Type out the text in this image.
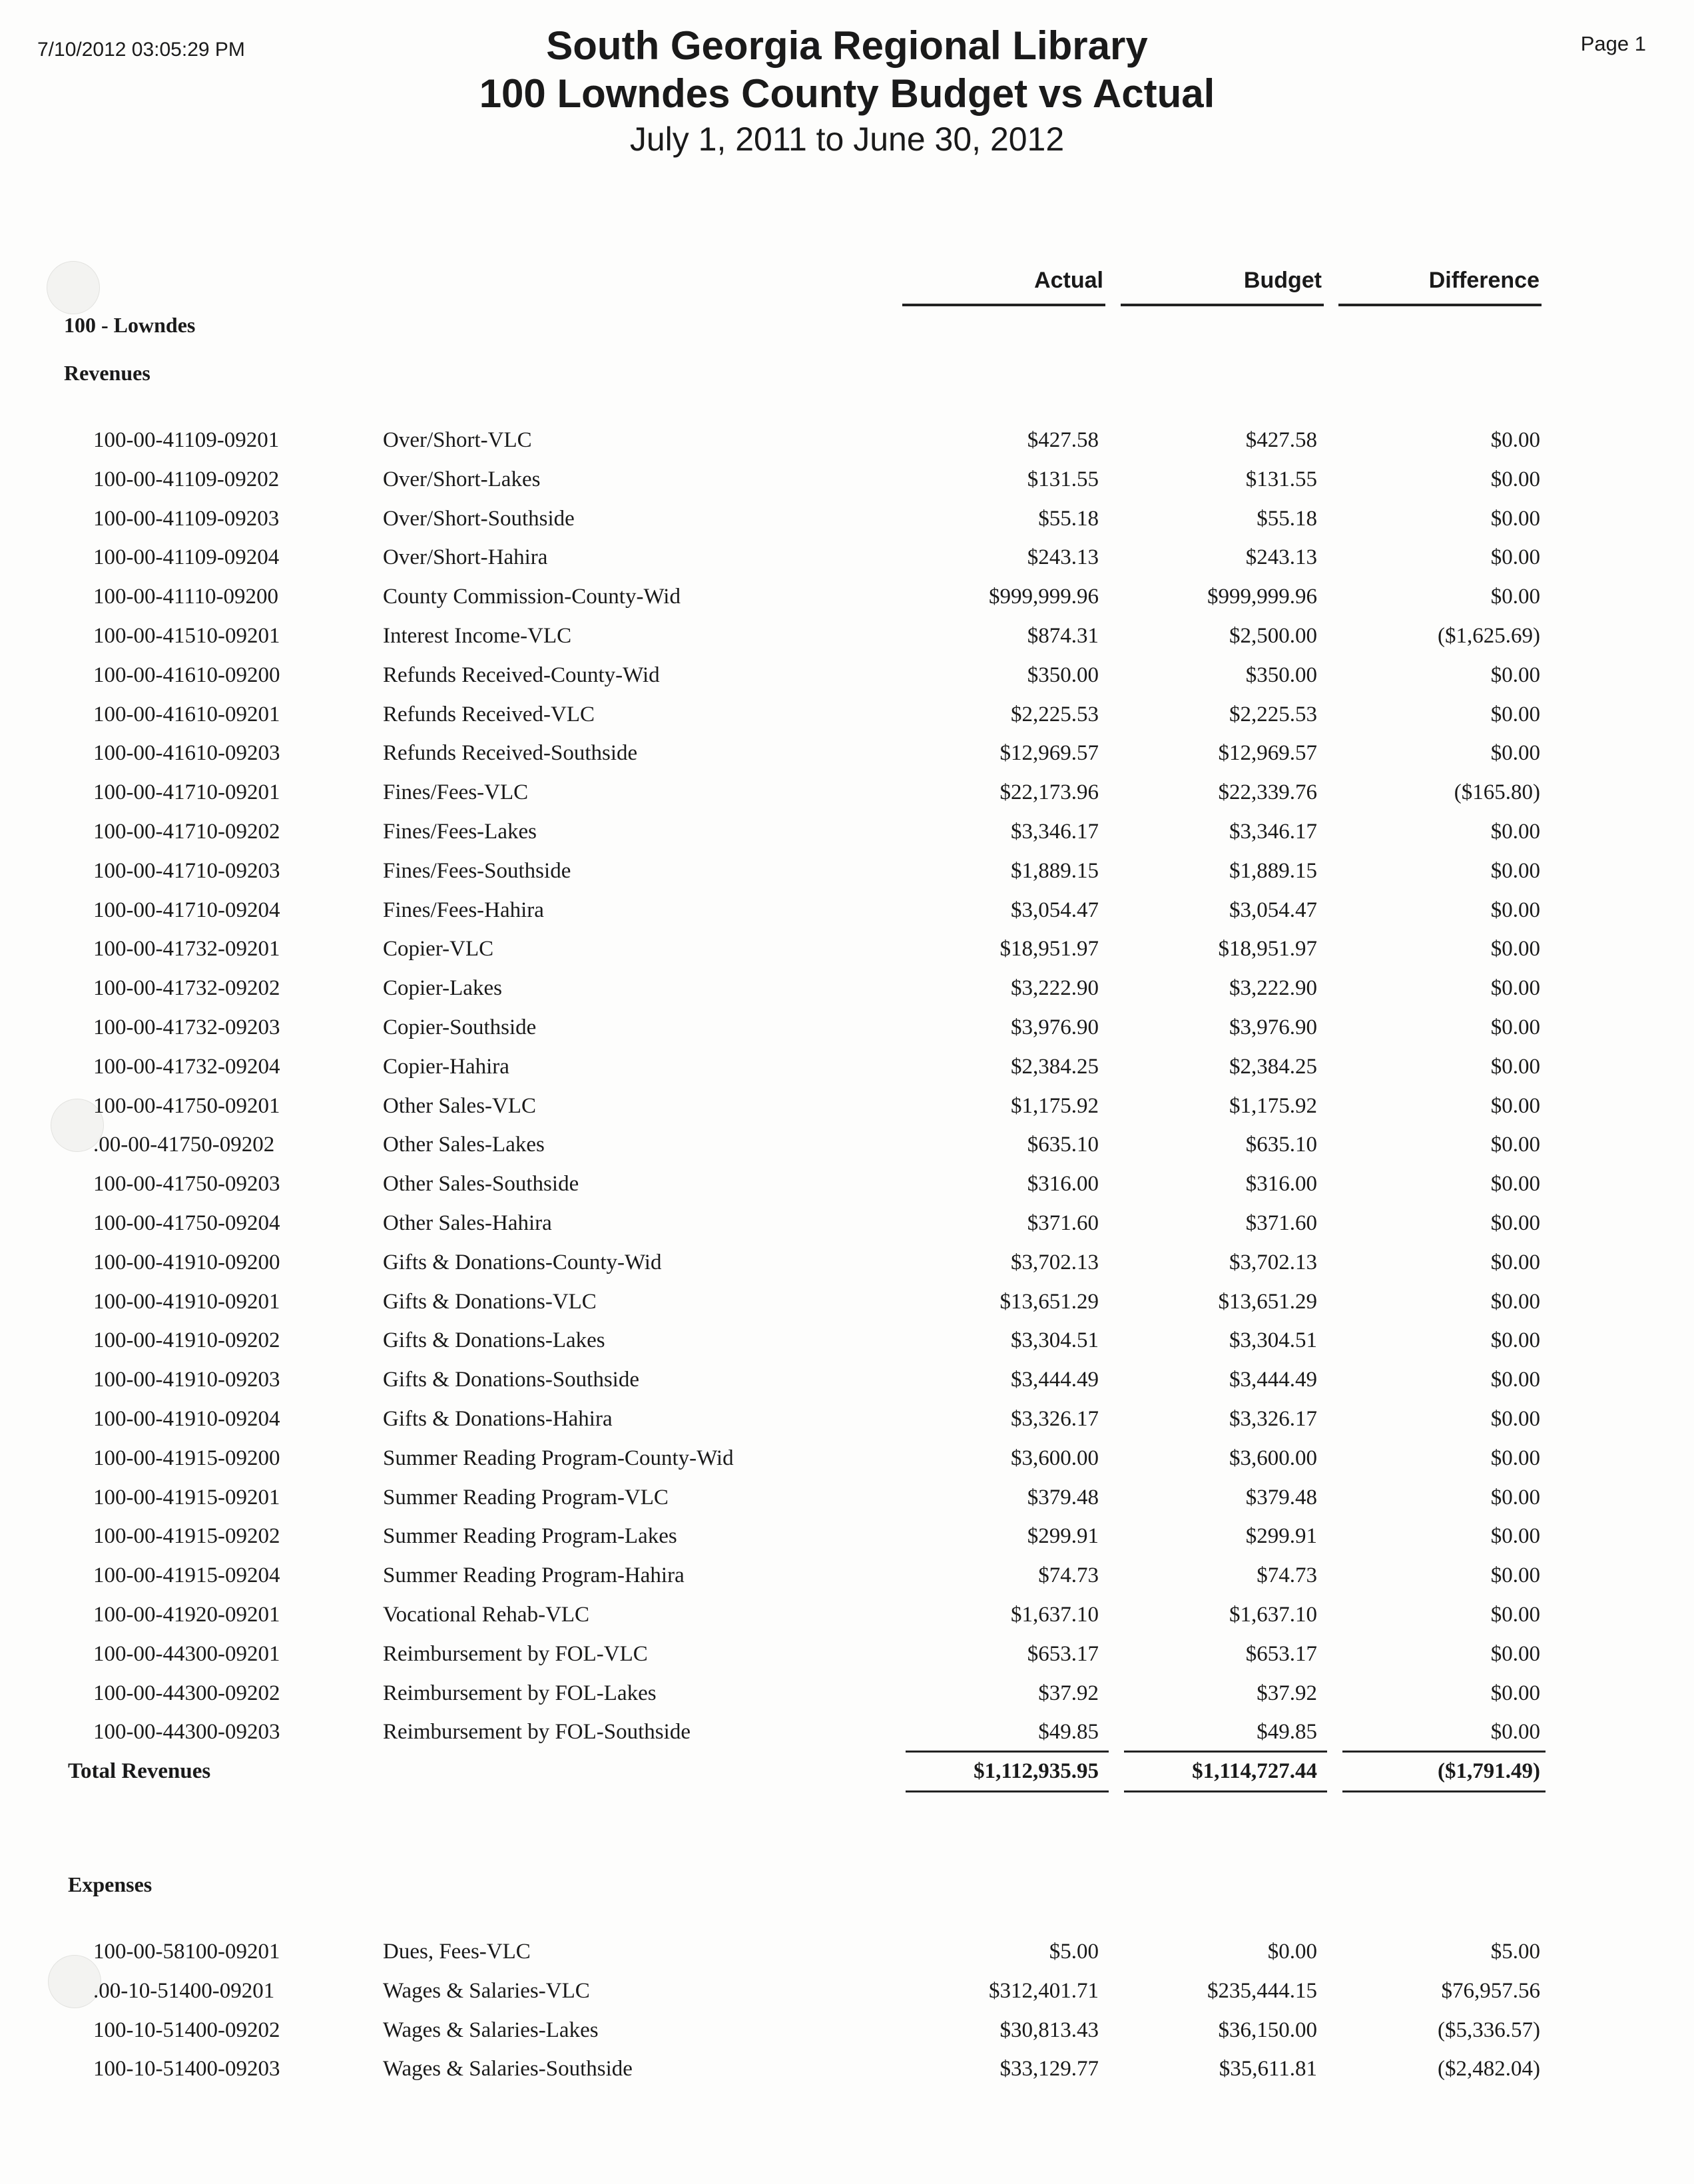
7/10/2012 03:05:29 PM	Page 1
South Georgia Regional Library
100 Lowndes County Budget vs Actual
July 1, 2011 to June 30, 2012
Actual	Budget	Difference
100 - Lowndes
Revenues
Expenses
100-00-41109-09201	Over/Short-VLC	$427.58	$427.58	$0.00
100-00-41109-09202	Over/Short-Lakes	$131.55	$131.55	$0.00
100-00-41109-09203	Over/Short-Southside	$55.18	$55.18	$0.00
100-00-41109-09204	Over/Short-Hahira	$243.13	$243.13	$0.00
100-00-41110-09200	County Commission-County-Wid	$999,999.96	$999,999.96	$0.00
100-00-41510-09201	Interest Income-VLC	$874.31	$2,500.00	($1,625.69)
100-00-41610-09200	Refunds Received-County-Wid	$350.00	$350.00	$0.00
100-00-41610-09201	Refunds Received-VLC	$2,225.53	$2,225.53	$0.00
100-00-41610-09203	Refunds Received-Southside	$12,969.57	$12,969.57	$0.00
100-00-41710-09201	Fines/Fees-VLC	$22,173.96	$22,339.76	($165.80)
100-00-41710-09202	Fines/Fees-Lakes	$3,346.17	$3,346.17	$0.00
100-00-41710-09203	Fines/Fees-Southside	$1,889.15	$1,889.15	$0.00
100-00-41710-09204	Fines/Fees-Hahira	$3,054.47	$3,054.47	$0.00
100-00-41732-09201	Copier-VLC	$18,951.97	$18,951.97	$0.00
100-00-41732-09202	Copier-Lakes	$3,222.90	$3,222.90	$0.00
100-00-41732-09203	Copier-Southside	$3,976.90	$3,976.90	$0.00
100-00-41732-09204	Copier-Hahira	$2,384.25	$2,384.25	$0.00
100-00-41750-09201	Other Sales-VLC	$1,175.92	$1,175.92	$0.00
.00-00-41750-09202	Other Sales-Lakes	$635.10	$635.10	$0.00
100-00-41750-09203	Other Sales-Southside	$316.00	$316.00	$0.00
100-00-41750-09204	Other Sales-Hahira	$371.60	$371.60	$0.00
100-00-41910-09200	Gifts & Donations-County-Wid	$3,702.13	$3,702.13	$0.00
100-00-41910-09201	Gifts & Donations-VLC	$13,651.29	$13,651.29	$0.00
100-00-41910-09202	Gifts & Donations-Lakes	$3,304.51	$3,304.51	$0.00
100-00-41910-09203	Gifts & Donations-Southside	$3,444.49	$3,444.49	$0.00
100-00-41910-09204	Gifts & Donations-Hahira	$3,326.17	$3,326.17	$0.00
100-00-41915-09200	Summer Reading Program-County-Wid	$3,600.00	$3,600.00	$0.00
100-00-41915-09201	Summer Reading Program-VLC	$379.48	$379.48	$0.00
100-00-41915-09202	Summer Reading Program-Lakes	$299.91	$299.91	$0.00
100-00-41915-09204	Summer Reading Program-Hahira	$74.73	$74.73	$0.00
100-00-41920-09201	Vocational Rehab-VLC	$1,637.10	$1,637.10	$0.00
100-00-44300-09201	Reimbursement by FOL-VLC	$653.17	$653.17	$0.00
100-00-44300-09202	Reimbursement by FOL-Lakes	$37.92	$37.92	$0.00
100-00-44300-09203	Reimbursement by FOL-Southside	$49.85	$49.85	$0.00
Total Revenues	$1,112,935.95	$1,114,727.44	($1,791.49)
100-00-58100-09201	Dues, Fees-VLC	$5.00	$0.00	$5.00
.00-10-51400-09201	Wages & Salaries-VLC	$312,401.71	$235,444.15	$76,957.56
100-10-51400-09202	Wages & Salaries-Lakes	$30,813.43	$36,150.00	($5,336.57)
100-10-51400-09203	Wages & Salaries-Southside	$33,129.77	$35,611.81	($2,482.04)
